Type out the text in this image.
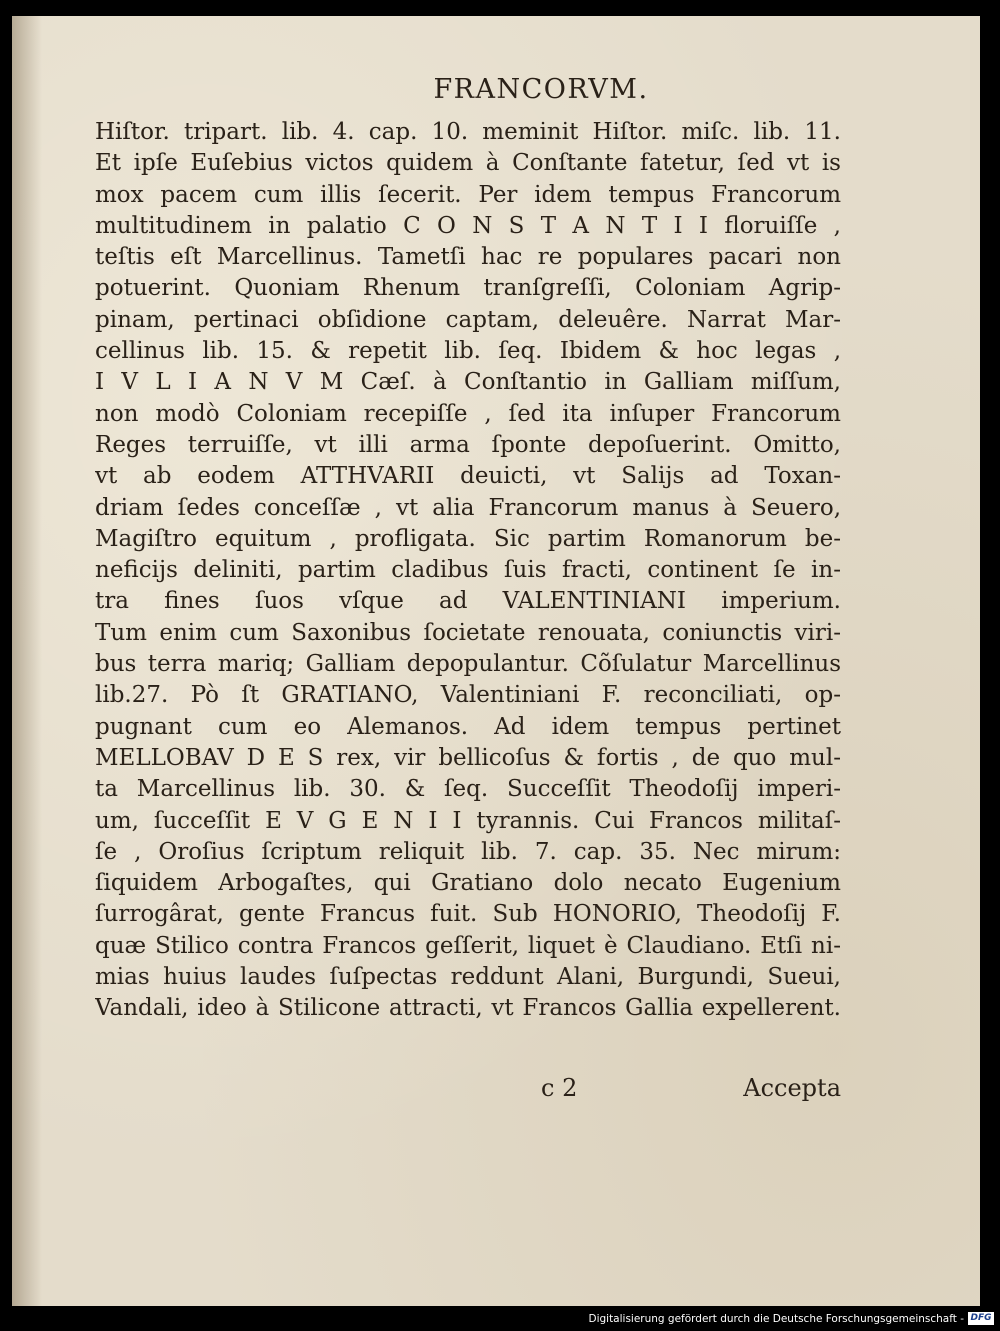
FRANCORVM.
Hiſtor. tripart. lib. 4. cap. 10. meminit Hiſtor. miſc. lib. 11.
Et ipſe Euſebius victos quidem à Conſtante fatetur, ſed vt is
mox pacem cum illis ſecerit. Per idem tempus Francorum
multitudinem in palatio C O N S T A N T I I floruiſſe ,
teſtis eſt Marcellinus. Tametſi hac re populares pacari non
potuerint. Quoniam Rhenum tranſgreſſi, Coloniam Agrip-
pinam, pertinaci obſidione captam, deleuêre. Narrat Mar-
cellinus lib. 15. & repetit lib. ſeq. Ibidem & hoc legas ,
I V L I A N V M Cæſ. à Conſtantio in Galliam miſſum,
non modò Coloniam recepiſſe , ſed ita inſuper Francorum
Reges terruiſſe, vt illi arma ſponte depoſuerint. Omitto,
vt ab eodem ATTHVARII deuicti, vt Salijs ad Toxan-
driam ſedes conceſſæ , vt alia Francorum manus à Seuero,
Magiſtro equitum , profligata. Sic partim Romanorum be-
neficijs deliniti, partim cladibus ſuis fracti, continent ſe in-
tra fines ſuos vſque ad VALENTINIANI imperium.
Tum enim cum Saxonibus ſocietate renouata, coniunctis viri-
bus terra mariq; Galliam depopulantur. Cõſulatur Marcellinus
lib.27. Pò ſt GRATIANO, Valentiniani F. reconciliati, op-
pugnant cum eo Alemanos. Ad idem tempus pertinet
MELLOBAV D E S rex, vir bellicoſus & fortis , de quo mul-
ta Marcellinus lib. 30. & ſeq. Succeſſit Theodoſij imperi-
um, ſucceſſit E V G E N I I tyrannis. Cui Francos militaſ-
ſe , Oroſius ſcriptum reliquit lib. 7. cap. 35. Nec mirum:
ſiquidem Arbogaſtes, qui Gratiano dolo necato Eugenium
ſurrogârat, gente Francus fuit. Sub HONORIO, Theodoſij F.
quæ Stilico contra Francos geſſerit, liquet è Claudiano. Etſi ni-
mias huius laudes ſuſpectas reddunt Alani, Burgundi, Sueui,
Vandali, ideo à Stilicone attracti, vt Francos Gallia expellerent.
c 2	Accepta
Digitalisierung gefördert durch die Deutsche Forschungsgemeinschaft - DFG
